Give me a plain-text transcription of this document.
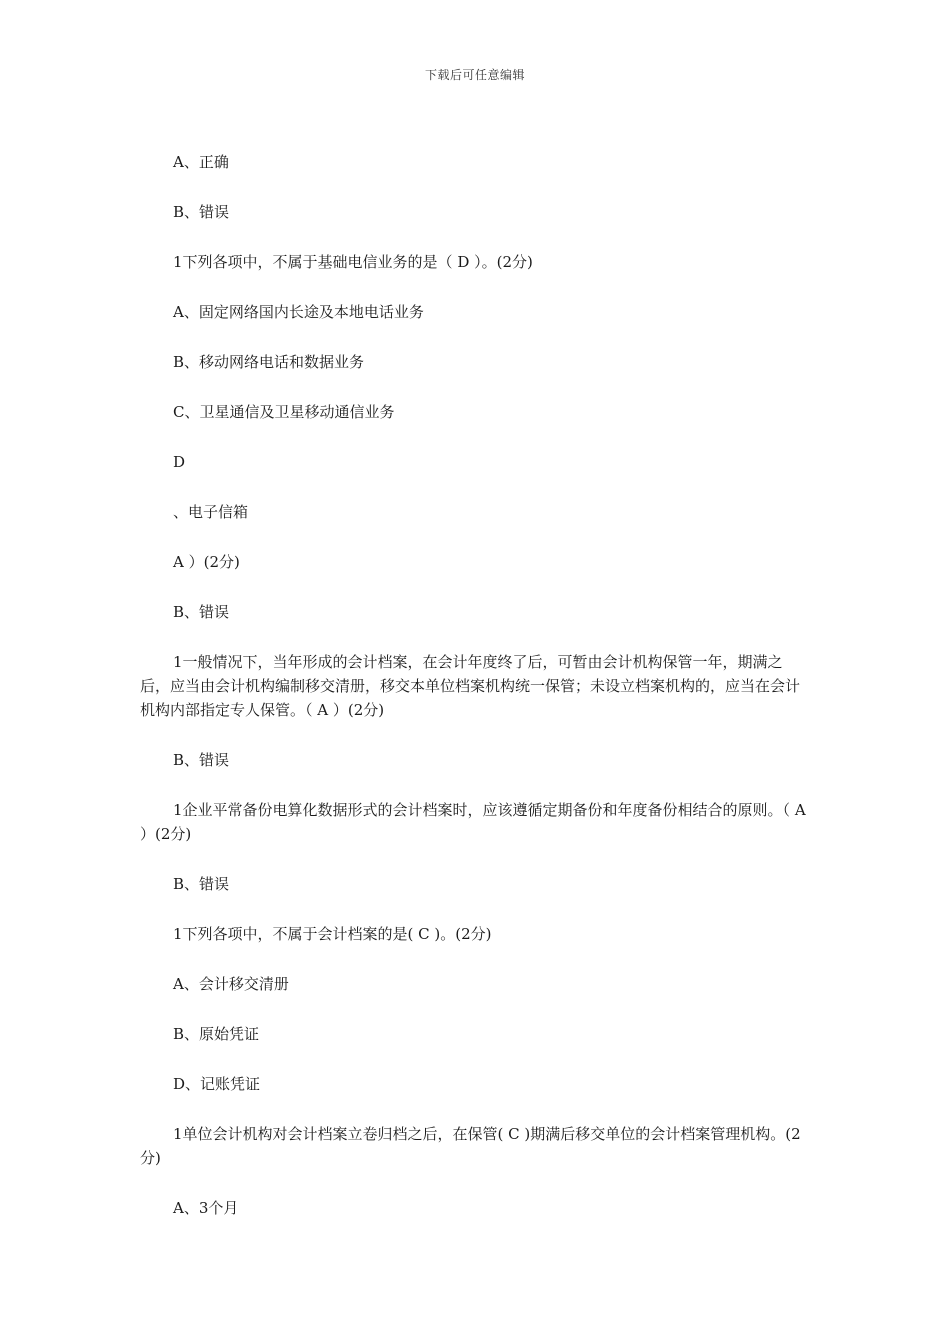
下载后可任意编辑

A、正确

B、错误

1下列各项中，不属于基础电信业务的是（ D ）。(2分)

A、固定网络国内长途及本地电话业务

B、移动网络电话和数据业务

C、卫星通信及卫星移动通信业务

D

、电子信箱

A ）(2分)

B、错误

1一般情况下，当年形成的会计档案，在会计年度终了后，可暂由会计机构保管一年，期满之后，应当由会计机构编制移交清册，移交本单位档案机构统一保管；未设立档案机构的，应当在会计机构内部指定专人保管。（ A ）(2分)

B、错误

1企业平常备份电算化数据形式的会计档案时，应该遵循定期备份和年度备份相结合的原则。（ A ）(2分)

B、错误

1下列各项中，不属于会计档案的是( C )。(2分)

A、会计移交清册

B、原始凭证

D、记账凭证

1单位会计机构对会计档案立卷归档之后，在保管( C )期满后移交单位的会计档案管理机构。(2分)

A、3个月
